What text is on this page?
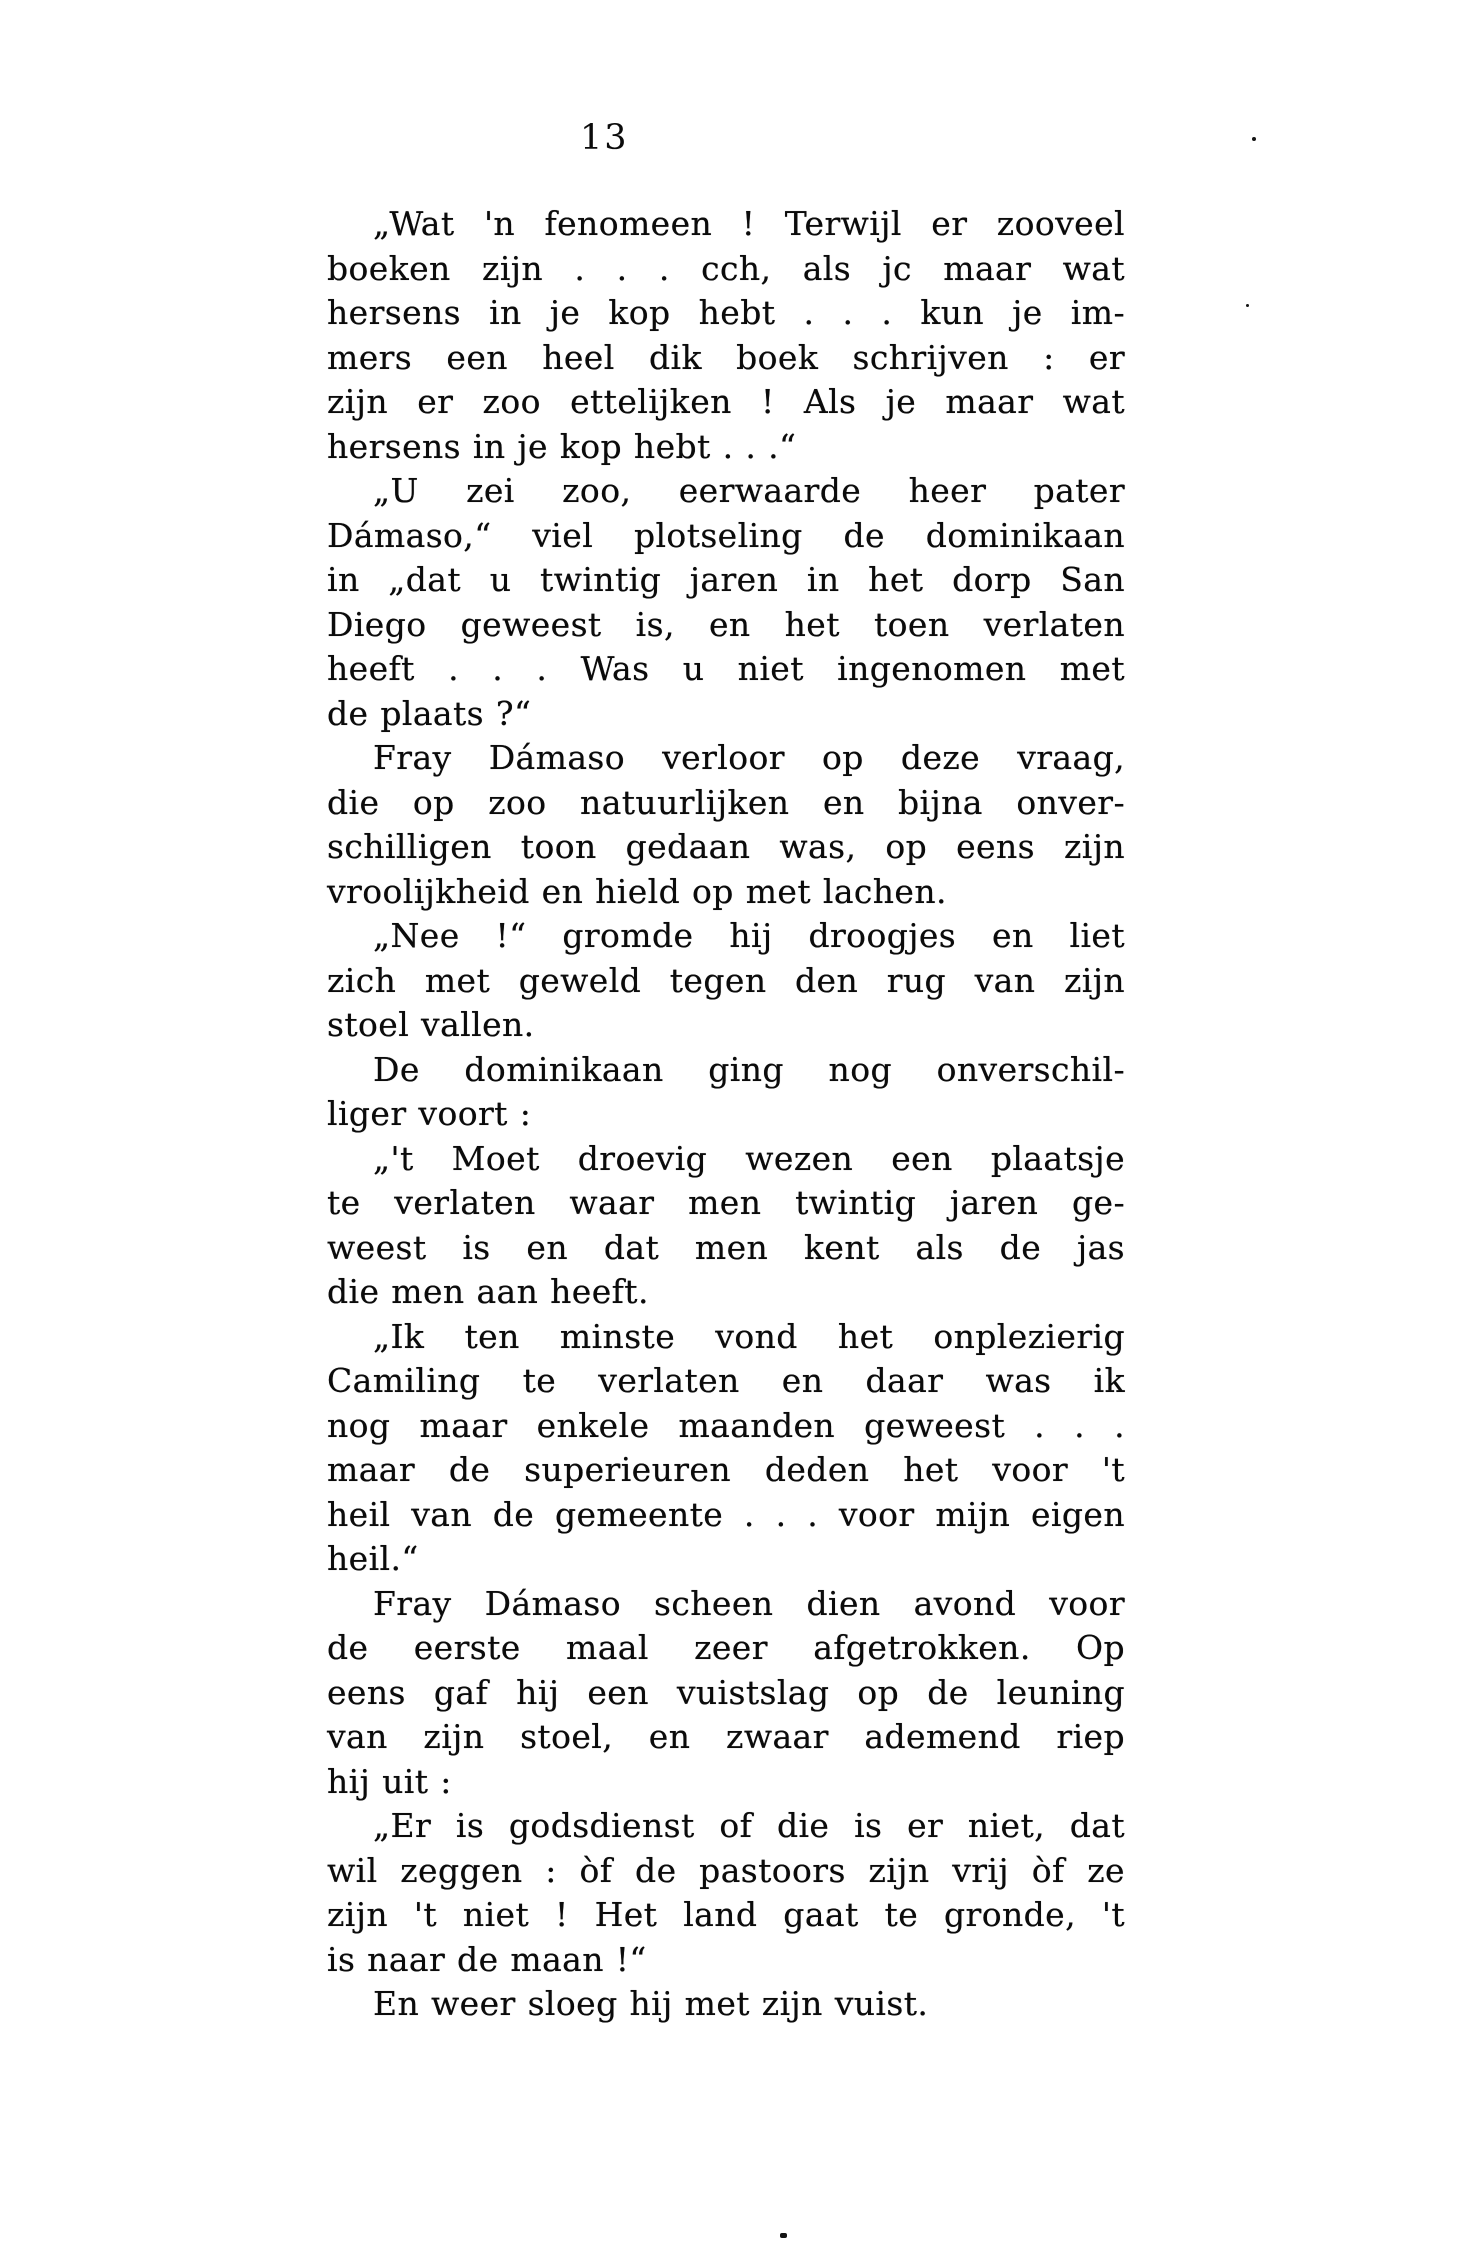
13
„Wat 'n fenomeen ! Terwijl er zooveel
boeken zijn . . . cch, als jc maar wat
hersens in je kop hebt . . . kun je im-
mers een heel dik boek schrijven : er
zijn er zoo ettelijken ! Als je maar wat
hersens in je kop hebt . . .“
„U zei zoo, eerwaarde heer pater
Dámaso,“ viel plotseling de dominikaan
in „dat u twintig jaren in het dorp San
Diego geweest is, en het toen verlaten
heeft . . . Was u niet ingenomen met
de plaats ?“
Fray Dámaso verloor op deze vraag,
die op zoo natuurlijken en bijna onver-
schilligen toon gedaan was, op eens zijn
vroolijkheid en hield op met lachen.
„Nee !“ gromde hij droogjes en liet
zich met geweld tegen den rug van zijn
stoel vallen.
De dominikaan ging nog onverschil-
liger voort :
„'t Moet droevig wezen een plaatsje
te verlaten waar men twintig jaren ge-
weest is en dat men kent als de jas
die men aan heeft.
„Ik ten minste vond het onplezierig
Camiling te verlaten en daar was ik
nog maar enkele maanden geweest . . .
maar de superieuren deden het voor 't
heil van de gemeente . . . voor mijn eigen
heil.“
Fray Dámaso scheen dien avond voor
de eerste maal zeer afgetrokken. Op
eens gaf hij een vuistslag op de leuning
van zijn stoel, en zwaar ademend riep
hij uit :
„Er is godsdienst of die is er niet, dat
wil zeggen : òf de pastoors zijn vrij òf ze
zijn 't niet ! Het land gaat te gronde, 't
is naar de maan !“
En weer sloeg hij met zijn vuist.
